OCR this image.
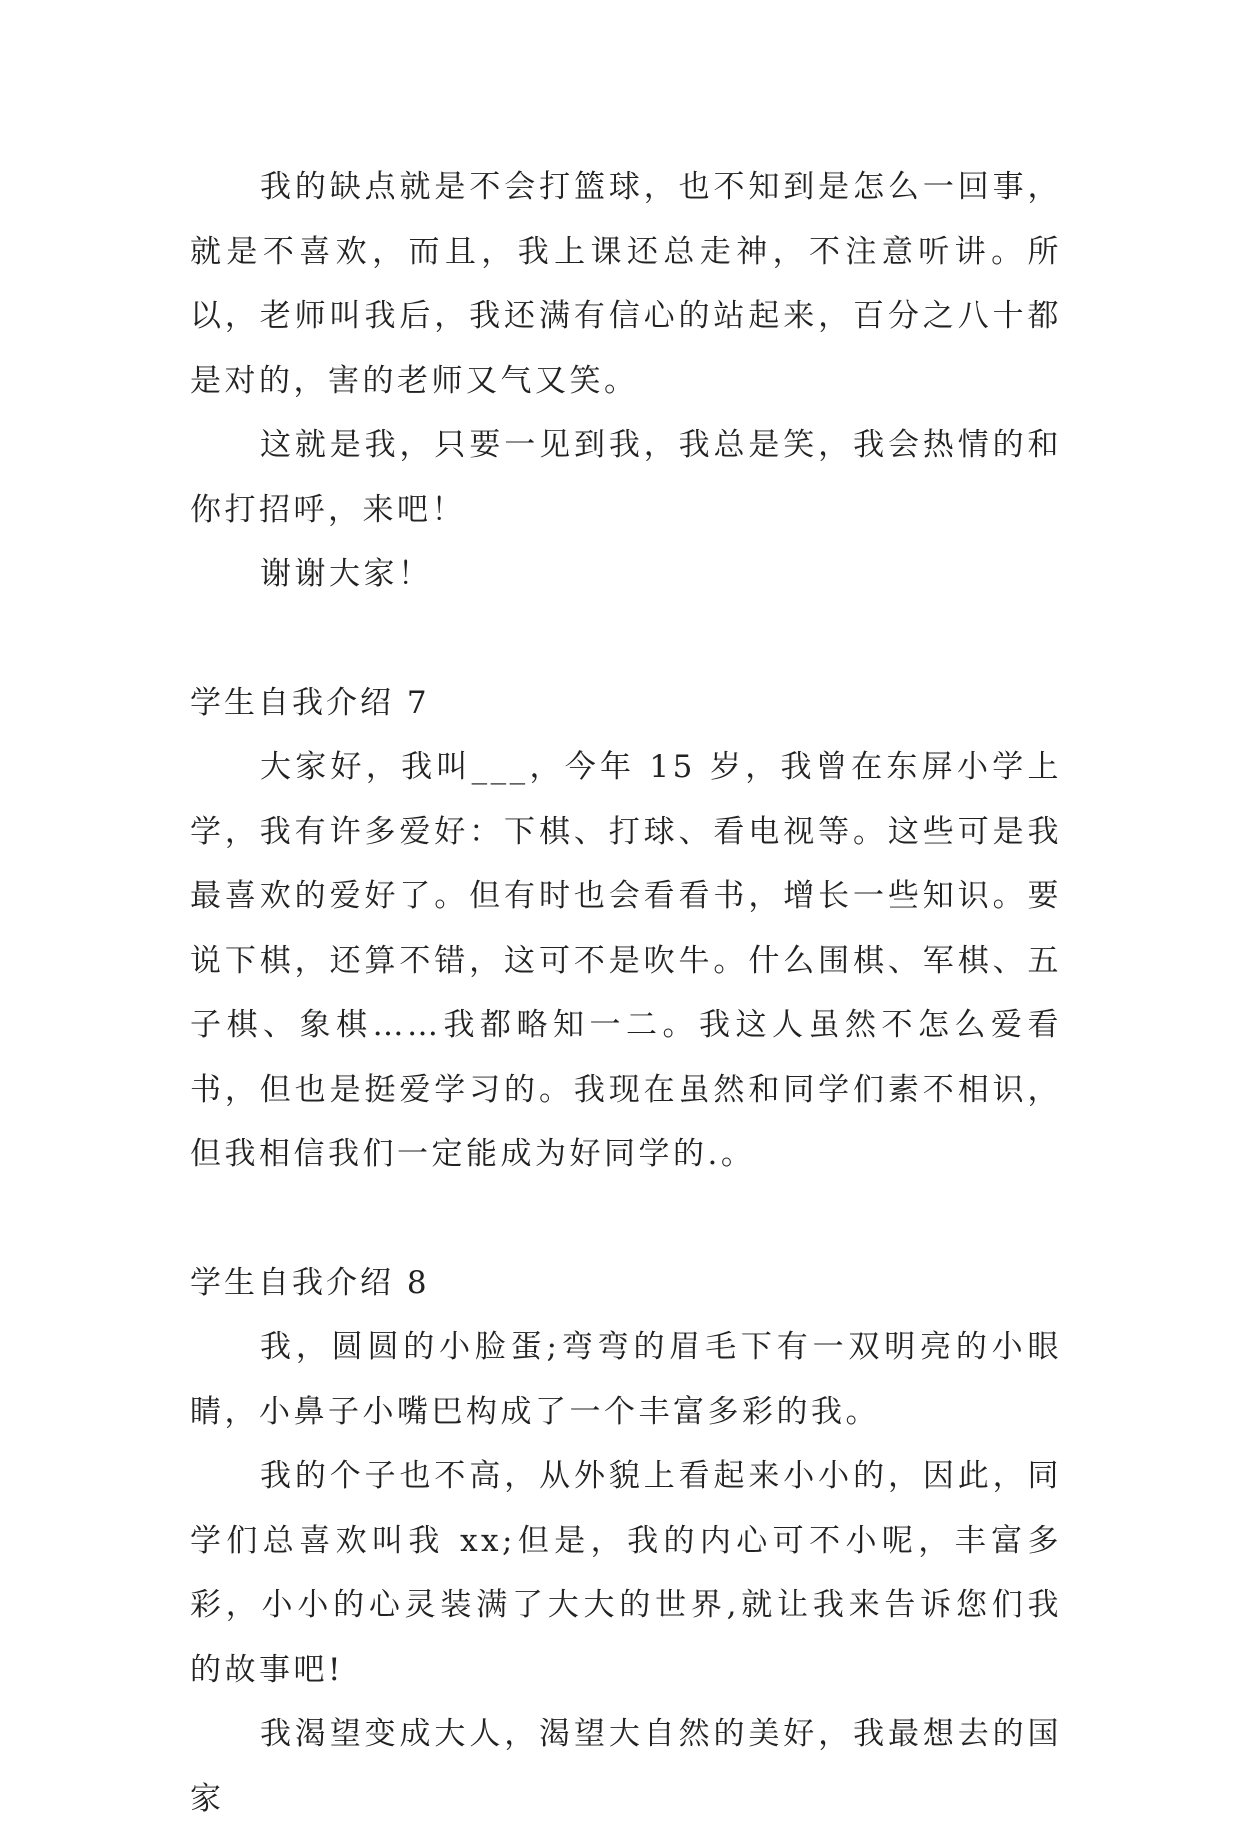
我的缺点就是不会打篮球，也不知到是怎么一回事，就是不喜欢，而且，我上课还总走神，不注意听讲。所以，老师叫我后，我还满有信心的站起来，百分之八十都是对的，害的老师又气又笑。

这就是我，只要一见到我，我总是笑，我会热情的和你打招呼，来吧！

谢谢大家！

学生自我介绍 7

大家好，我叫___，今年 15 岁，我曾在东屏小学上学，我有许多爱好：下棋、打球、看电视等。这些可是我最喜欢的爱好了。但有时也会看看书，增长一些知识。要说下棋，还算不错，这可不是吹牛。什么围棋、军棋、五子棋、象棋……我都略知一二。我这人虽然不怎么爱看书，但也是挺爱学习的。我现在虽然和同学们素不相识，但我相信我们一定能成为好同学的.。

学生自我介绍 8

我，圆圆的小脸蛋;弯弯的眉毛下有一双明亮的小眼睛，小鼻子小嘴巴构成了一个丰富多彩的我。

我的个子也不高，从外貌上看起来小小的，因此，同学们总喜欢叫我 xx;但是，我的内心可不小呢，丰富多彩，小小的心灵装满了大大的世界,就让我来告诉您们我的故事吧!

我渴望变成大人，渴望大自然的美好，我最想去的国家
